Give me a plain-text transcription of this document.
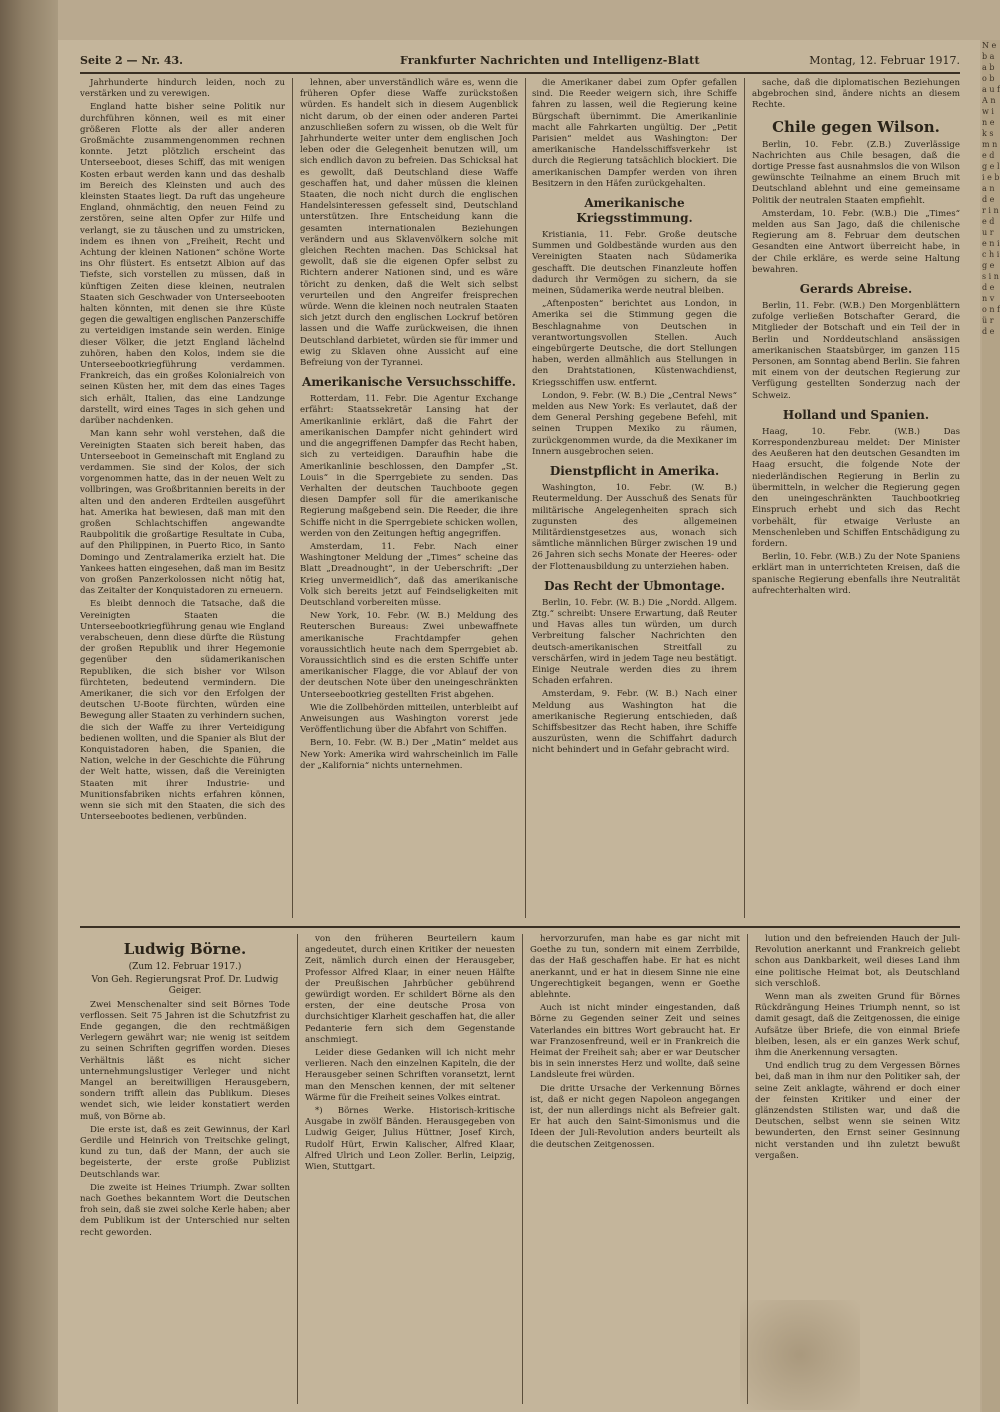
N e b a a b o b a u f A n w i n e k s m n e d g e l i e b a n d e r i n e d u r e n i c h i g e s i n d e n v o n f ü r d e
Seite 2 — Nr. 43.	Frankfurter Nachrichten und Intelligenz-Blatt	Montag, 12. Februar 1917.

Jahrhunderte hindurch leiden, noch zu verstärken und zu verewigen.

England hatte bisher seine Politik nur durchführen können, weil es mit einer größeren Flotte als der aller anderen Großmächte zusammengenommen rechnen konnte. Jetzt plötzlich erscheint das Unterseeboot, dieses Schiff, das mit wenigen Kosten erbaut werden kann und das deshalb im Bereich des Kleinsten und auch des kleinsten Staates liegt. Da ruft das ungeheure England, ohnmächtig, den neuen Feind zu zerstören, seine alten Opfer zur Hilfe und verlangt, sie zu täuschen und zu umstricken, indem es ihnen von „Freiheit, Recht und Achtung der kleinen Nationen“ schöne Worte ins Ohr flüstert. Es entsetzt Albion auf das Tiefste, sich vorstellen zu müssen, daß in künftigen Zeiten diese kleinen, neutralen Staaten sich Geschwader von Unterseebooten halten könnten, mit denen sie ihre Küste gegen die gewaltigen englischen Panzerschiffe zu verteidigen imstande sein werden. Einige dieser Völker, die jetzt England lächelnd zuhören, haben den Kolos, indem sie die Unterseebootkriegführung verdammen. Frankreich, das ein großes Kolonialreich von seinen Küsten her, mit dem das eines Tages sich erhält, Italien, das eine Landzunge darstellt, wird eines Tages in sich gehen und darüber nachdenken.

Man kann sehr wohl verstehen, daß die Vereinigten Staaten sich bereit haben, das Unterseeboot in Gemeinschaft mit England zu verdammen. Sie sind der Kolos, der sich vorgenommen hatte, das in der neuen Welt zu vollbringen, was Großbritannien bereits in der alten und den anderen Erdteilen ausgeführt hat. Amerika hat bewiesen, daß man mit den großen Schlachtschiffen angewandte Raubpolitik die großartige Resultate in Cuba, auf den Philippinen, in Puerto Rico, in Santo Domingo und Zentralamerika erzielt hat. Die Yankees hatten eingesehen, daß man im Besitz von großen Panzerkolossen nicht nötig hat, das Zeitalter der Konquistadoren zu erneuern.

Es bleibt dennoch die Tatsache, daß die Vereinigten Staaten die Unterseebootkriegführung genau wie England verabscheuen, denn diese dürfte die Rüstung der großen Republik und ihrer Hegemonie gegenüber den südamerikanischen Republiken, die sich bisher vor Wilson fürchteten, bedeutend vermindern. Die Amerikaner, die sich vor den Erfolgen der deutschen U-Boote fürchten, würden eine Bewegung aller Staaten zu verhindern suchen, die sich der Waffe zu ihrer Verteidigung bedienen wollten, und die Spanier als Blut der Konquistadoren haben, die Spanien, die Nation, welche in der Geschichte die Führung der Welt hatte, wissen, daß die Vereinigten Staaten mit ihrer Industrie- und Munitionsfabriken nichts erfahren können, wenn sie sich mit den Staaten, die sich des Unterseebootes bedienen, verbünden.

lehnen, aber unverständlich wäre es, wenn die früheren Opfer diese Waffe zurückstoßen würden. Es handelt sich in diesem Augenblick nicht darum, ob der einen oder anderen Partei anzuschließen sofern zu wissen, ob die Welt für Jahrhunderte weiter unter dem englischen Joch leben oder die Gelegenheit benutzen will, um sich endlich davon zu befreien. Das Schicksal hat es gewollt, daß Deutschland diese Waffe geschaffen hat, und daher müssen die kleinen Staaten, die noch nicht durch die englischen Handelsinteressen gefesselt sind, Deutschland unterstützen. Ihre Entscheidung kann die gesamten internationalen Beziehungen verändern und aus Sklavenvölkern solche mit gleichen Rechten machen. Das Schicksal hat gewollt, daß sie die eigenen Opfer selbst zu Richtern anderer Nationen sind, und es wäre töricht zu denken, daß die Welt sich selbst verurteilen und den Angreifer freisprechen würde. Wenn die kleinen noch neutralen Staaten sich jetzt durch den englischen Lockruf betören lassen und die Waffe zurückweisen, die ihnen Deutschland darbietet, würden sie für immer und ewig zu Sklaven ohne Aussicht auf eine Befreiung von der Tyrannei.

Amerikanische Versuchsschiffe.

Rotterdam, 11. Febr. Die Agentur Exchange erfährt: Staatssekretär Lansing hat der Amerikanlinie erklärt, daß die Fahrt der amerikanischen Dampfer nicht gehindert wird und die angegriffenen Dampfer das Recht haben, sich zu verteidigen. Daraufhin habe die Amerikanlinie beschlossen, den Dampfer „St. Louis“ in die Sperrgebiete zu senden. Das Verhalten der deutschen Tauchboote gegen diesen Dampfer soll für die amerikanische Regierung maßgebend sein. Die Reeder, die ihre Schiffe nicht in die Sperrgebiete schicken wollen, werden von den Zeitungen heftig angegriffen.

Amsterdam, 11. Febr. Nach einer Washingtoner Meldung der „Times“ scheine das Blatt „Dreadnought“, in der Ueberschrift: „Der Krieg unvermeidlich“, daß das amerikanische Volk sich bereits jetzt auf Feindseligkeiten mit Deutschland vorbereiten müsse.

New York, 10. Febr. (W. B.) Meldung des Reuterschen Bureaus: Zwei unbewaffnete amerikanische Frachtdampfer gehen voraussichtlich heute nach dem Sperrgebiet ab. Voraussichtlich sind es die ersten Schiffe unter amerikanischer Flagge, die vor Ablauf der von der deutschen Note über den uneingeschränkten Unterseebootkrieg gestellten Frist abgehen.

Wie die Zollbehörden mitteilen, unterbleibt auf Anweisungen aus Washington vorerst jede Veröffentlichung über die Abfahrt von Schiffen.

Bern, 10. Febr. (W. B.) Der „Matin“ meldet aus New York: Amerika wird wahrscheinlich im Falle der „Kalifornia“ nichts unternehmen.

die Amerikaner dabei zum Opfer gefallen sind. Die Reeder weigern sich, ihre Schiffe fahren zu lassen, weil die Regierung keine Bürgschaft übernimmt. Die Amerikanlinie macht alle Fahrkarten ungültig. Der „Petit Parisien“ meldet aus Washington: Der amerikanische Handelsschiffsverkehr ist durch die Regierung tatsächlich blockiert. Die amerikanischen Dampfer werden von ihren Besitzern in den Häfen zurückgehalten.

Amerikanische Kriegsstimmung.

Kristiania, 11. Febr. Große deutsche Summen und Goldbestände wurden aus den Vereinigten Staaten nach Südamerika geschafft. Die deutschen Finanzleute hoffen dadurch ihr Vermögen zu sichern, da sie meinen, Südamerika werde neutral bleiben.

„Aftenposten“ berichtet aus London, in Amerika sei die Stimmung gegen die Beschlagnahme von Deutschen in verantwortungsvollen Stellen. Auch eingebürgerte Deutsche, die dort Stellungen haben, werden allmählich aus Stellungen in den Drahtstationen, Küstenwachdienst, Kriegsschiffen usw. entfernt.

London, 9. Febr. (W. B.) Die „Central News“ melden aus New York: Es verlautet, daß der dem General Pershing gegebene Befehl, mit seinen Truppen Mexiko zu räumen, zurückgenommen wurde, da die Mexikaner im Innern ausgebrochen seien.

Dienstpflicht in Amerika.

Washington, 10. Febr. (W. B.) Reutermeldung. Der Ausschuß des Senats für militärische Angelegenheiten sprach sich zugunsten des allgemeinen Militärdienstgesetzes aus, wonach sich sämtliche männlichen Bürger zwischen 19 und 26 Jahren sich sechs Monate der Heeres- oder der Flottenausbildung zu unterziehen haben.

Das Recht der Ubmontage.

Berlin, 10. Febr. (W. B.) Die „Nordd. Allgem. Ztg.“ schreibt: Unsere Erwartung, daß Reuter und Havas alles tun würden, um durch Verbreitung falscher Nachrichten den deutsch-amerikanischen Streitfall zu verschärfen, wird in jedem Tage neu bestätigt. Einige Neutrale werden dies zu ihrem Schaden erfahren.

Amsterdam, 9. Febr. (W. B.) Nach einer Meldung aus Washington hat die amerikanische Regierung entschieden, daß Schiffsbesitzer das Recht haben, ihre Schiffe auszurüsten, wenn die Schiffahrt dadurch nicht behindert und in Gefahr gebracht wird.

sache, daß die diplomatischen Beziehungen abgebrochen sind, ändere nichts an diesem Rechte.

Chile gegen Wilson.

Berlin, 10. Febr. (Z.B.) Zuverlässige Nachrichten aus Chile besagen, daß die dortige Presse fast ausnahmslos die von Wilson gewünschte Teilnahme an einem Bruch mit Deutschland ablehnt und eine gemeinsame Politik der neutralen Staaten empfiehlt.

Amsterdam, 10. Febr. (W.B.) Die „Times“ melden aus San Jago, daß die chilenische Regierung am 8. Februar dem deutschen Gesandten eine Antwort überreicht habe, in der Chile erkläre, es werde seine Haltung bewahren.

Gerards Abreise.

Berlin, 11. Febr. (W.B.) Den Morgenblättern zufolge verließen Botschafter Gerard, die Mitglieder der Botschaft und ein Teil der in Berlin und Norddeutschland ansässigen amerikanischen Staatsbürger, im ganzen 115 Personen, am Sonntag abend Berlin. Sie fahren mit einem von der deutschen Regierung zur Verfügung gestellten Sonderzug nach der Schweiz.

Holland und Spanien.

Haag, 10. Febr. (W.B.) Das Korrespondenzbureau meldet: Der Minister des Aeußeren hat den deutschen Gesandten im Haag ersucht, die folgende Note der niederländischen Regierung in Berlin zu übermitteln, in welcher die Regierung gegen den uneingeschränkten Tauchbootkrieg Einspruch erhebt und sich das Recht vorbehält, für etwaige Verluste an Menschenleben und Schiffen Entschädigung zu fordern.

Berlin, 10. Febr. (W.B.) Zu der Note Spaniens erklärt man in unterrichteten Kreisen, daß die spanische Regierung ebenfalls ihre Neutralität aufrechterhalten wird.

Ludwig Börne.
(Zum 12. Februar 1917.)
Von Geh. Regierungsrat Prof. Dr. Ludwig Geiger.

Zwei Menschenalter sind seit Börnes Tode verflossen. Seit 75 Jahren ist die Schutzfrist zu Ende gegangen, die den rechtmäßigen Verlegern gewährt war; nie wenig ist seitdem zu seinen Schriften gegriffen worden. Dieses Verhältnis läßt es nicht sicher unternehmungslustiger Verleger und nicht Mangel an bereitwilligen Herausgebern, sondern trifft allein das Publikum. Dieses wendet sich, wie leider konstatiert werden muß, von Börne ab.

Die erste ist, daß es zeit Gewinnus, der Karl Gerdile und Heinrich von Treitschke gelingt, kund zu tun, daß der Mann, der auch sie begeisterte, der erste große Publizist Deutschlands war.

Die zweite ist Heines Triumph. Zwar sollten nach Goethes bekanntem Wort die Deutschen froh sein, daß sie zwei solche Kerle haben; aber dem Publikum ist der Unterschied nur selten recht geworden.

von den früheren Beurteilern kaum angedeutet, durch einen Kritiker der neuesten Zeit, nämlich durch einen der Herausgeber, Professor Alfred Klaar, in einer neuen Hälfte der Preußischen Jahrbücher gebührend gewürdigt worden. Er schildert Börne als den ersten, der eine deutsche Prosa von durchsichtiger Klarheit geschaffen hat, die aller Pedanterie fern sich dem Gegenstande anschmiegt.

Leider diese Gedanken will ich nicht mehr verlieren. Nach den einzelnen Kapiteln, die der Herausgeber seinen Schriften voransetzt, lernt man den Menschen kennen, der mit seltener Wärme für die Freiheit seines Volkes eintrat.

*) Börnes Werke. Historisch-kritische Ausgabe in zwölf Bänden. Herausgegeben von Ludwig Geiger, Julius Hüttner, Josef Kirch, Rudolf Hürt, Erwin Kalischer, Alfred Klaar, Alfred Ulrich und Leon Zoller. Berlin, Leipzig, Wien, Stuttgart.

hervorzurufen, man habe es gar nicht mit Goethe zu tun, sondern mit einem Zerrbilde, das der Haß geschaffen habe. Er hat es nicht anerkannt, und er hat in diesem Sinne nie eine Ungerechtigkeit begangen, wenn er Goethe ablehnte.

Auch ist nicht minder eingestanden, daß Börne zu Gegenden seiner Zeit und seines Vaterlandes ein bittres Wort gebraucht hat. Er war Franzosenfreund, weil er in Frankreich die Heimat der Freiheit sah; aber er war Deutscher bis in sein innerstes Herz und wollte, daß seine Landsleute frei würden.

Die dritte Ursache der Verkennung Börnes ist, daß er nicht gegen Napoleon angegangen ist, der nun allerdings nicht als Befreier galt. Er hat auch den Saint-Simonismus und die Ideen der Juli-Revolution anders beurteilt als die deutschen Zeitgenossen.

lution und den befreienden Hauch der Juli-Revolution anerkannt und Frankreich geliebt schon aus Dankbarkeit, weil dieses Land ihm eine politische Heimat bot, als Deutschland sich verschloß.

Wenn man als zweiten Grund für Börnes Rückdrängung Heines Triumph nennt, so ist damit gesagt, daß die Zeitgenossen, die einige Aufsätze über Briefe, die von einmal Briefe bleiben, lesen, als er ein ganzes Werk schuf, ihm die Anerkennung versagten.

Und endlich trug zu dem Vergessen Börnes bei, daß man in ihm nur den Politiker sah, der seine Zeit anklagte, während er doch einer der feinsten Kritiker und einer der glänzendsten Stilisten war, und daß die Deutschen, selbst wenn sie seinen Witz bewunderten, den Ernst seiner Gesinnung nicht verstanden und ihn zuletzt bewußt vergaßen.
